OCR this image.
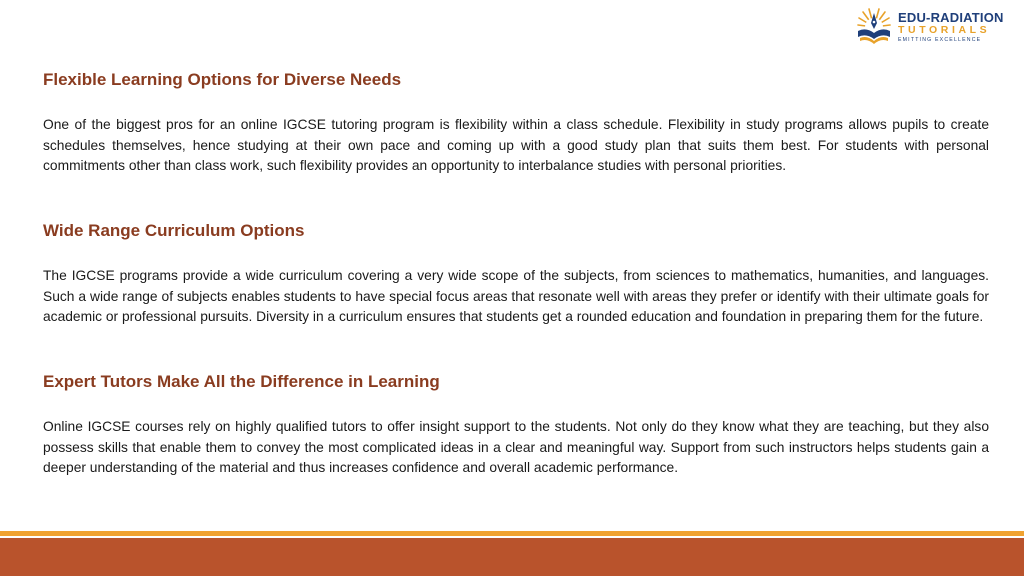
EDU-RADIATION
TUTORIALS
EMITTING EXCELLENCE
Flexible Learning Options for Diverse Needs

One of the biggest pros for an online IGCSE tutoring program is flexibility within a class schedule. Flexibility in study programs allows pupils to create schedules themselves, hence studying at their own pace and coming up with a good study plan that suits them best. For students with personal commitments other than class work, such flexibility provides an opportunity to interbalance studies with personal priorities.

Wide Range Curriculum Options

The IGCSE programs provide a wide curriculum covering a very wide scope of the subjects, from sciences to mathematics, humanities, and languages. Such a wide range of subjects enables students to have special focus areas that resonate well with areas they prefer or identify with their ultimate goals for academic or professional pursuits. Diversity in a curriculum ensures that students get a rounded education and foundation in preparing them for the future.

Expert Tutors Make All the Difference in Learning

Online IGCSE courses rely on highly qualified tutors to offer insight support to the students. Not only do they know what they are teaching, but they also possess skills that enable them to convey the most complicated ideas in a clear and meaningful way. Support from such instructors helps students gain a deeper understanding of the material and thus increases confidence and overall academic performance.
